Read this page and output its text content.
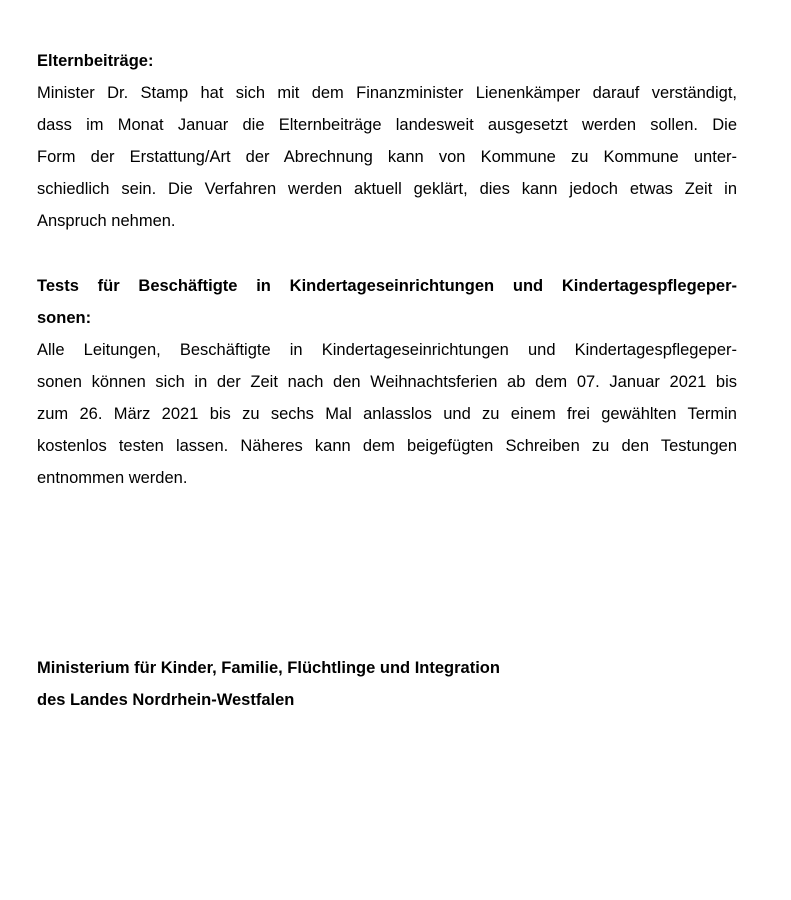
Elternbeiträge:
Minister Dr. Stamp hat sich mit dem Finanzminister Lienenkämper darauf verständigt,
dass im Monat Januar die Elternbeiträge landesweit ausgesetzt werden sollen. Die
Form der Erstattung/Art der Abrechnung kann von Kommune zu Kommune unter-
schiedlich sein. Die Verfahren werden aktuell geklärt, dies kann jedoch etwas Zeit in
Anspruch nehmen.
Tests für Beschäftigte in Kindertageseinrichtungen und Kindertagespflegeper-
sonen:
Alle Leitungen, Beschäftigte in Kindertageseinrichtungen und Kindertagespflegeper-
sonen können sich in der Zeit nach den Weihnachtsferien ab dem 07. Januar 2021 bis
zum 26. März 2021 bis zu sechs Mal anlasslos und zu einem frei gewählten Termin
kostenlos testen lassen. Näheres kann dem beigefügten Schreiben zu den Testungen
entnommen werden.
Ministerium für Kinder, Familie, Flüchtlinge und Integration
des Landes Nordrhein-Westfalen
